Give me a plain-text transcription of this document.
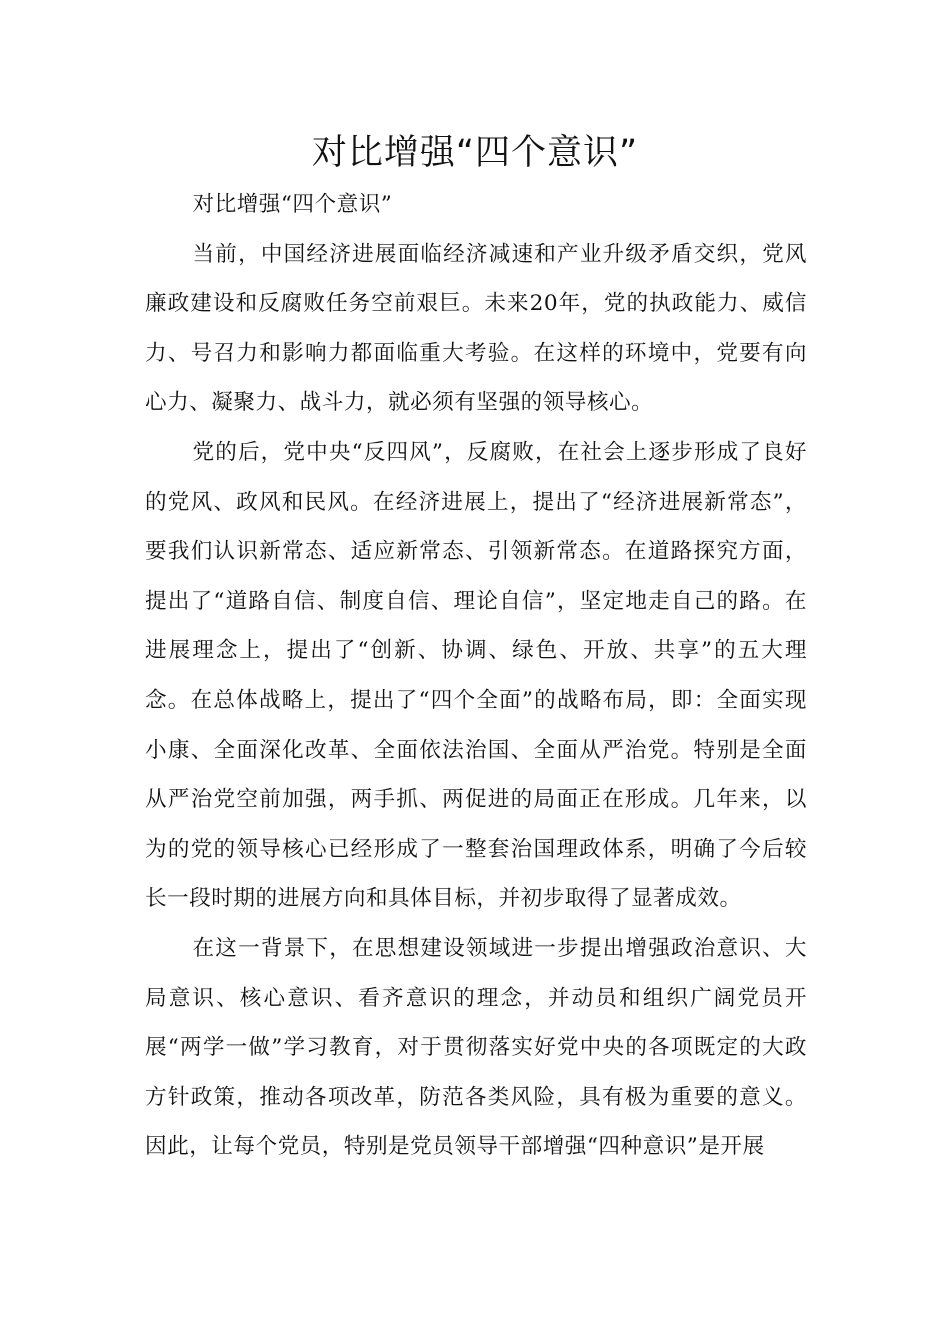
对比增强“四个意识”

对比增强“四个意识”

当前，中国经济进展面临经济减速和产业升级矛盾交织，党风廉政建设和反腐败任务空前艰巨。未来20年，党的执政能力、威信力、号召力和影响力都面临重大考验。在这样的环境中，党要有向心力、凝聚力、战斗力，就必须有坚强的领导核心。

党的后，党中央“反四风”，反腐败，在社会上逐步形成了良好的党风、政风和民风。在经济进展上，提出了“经济进展新常态”，要我们认识新常态、适应新常态、引领新常态。在道路探究方面，提出了“道路自信、制度自信、理论自信”，坚定地走自己的路。在进展理念上，提出了“创新、协调、绿色、开放、共享”的五大理念。在总体战略上，提出了“四个全面”的战略布局，即：全面实现小康、全面深化改革、全面依法治国、全面从严治党。特别是全面从严治党空前加强，两手抓、两促进的局面正在形成。几年来，以为的党的领导核心已经形成了一整套治国理政体系，明确了今后较长一段时期的进展方向和具体目标，并初步取得了显著成效。

在这一背景下，在思想建设领域进一步提出增强政治意识、大局意识、核心意识、看齐意识的理念，并动员和组织广阔党员开展“两学一做”学习教育，对于贯彻落实好党中央的各项既定的大政方针政策，推动各项改革，防范各类风险，具有极为重要的意义。因此，让每个党员，特别是党员领导干部增强“四种意识”是开展
